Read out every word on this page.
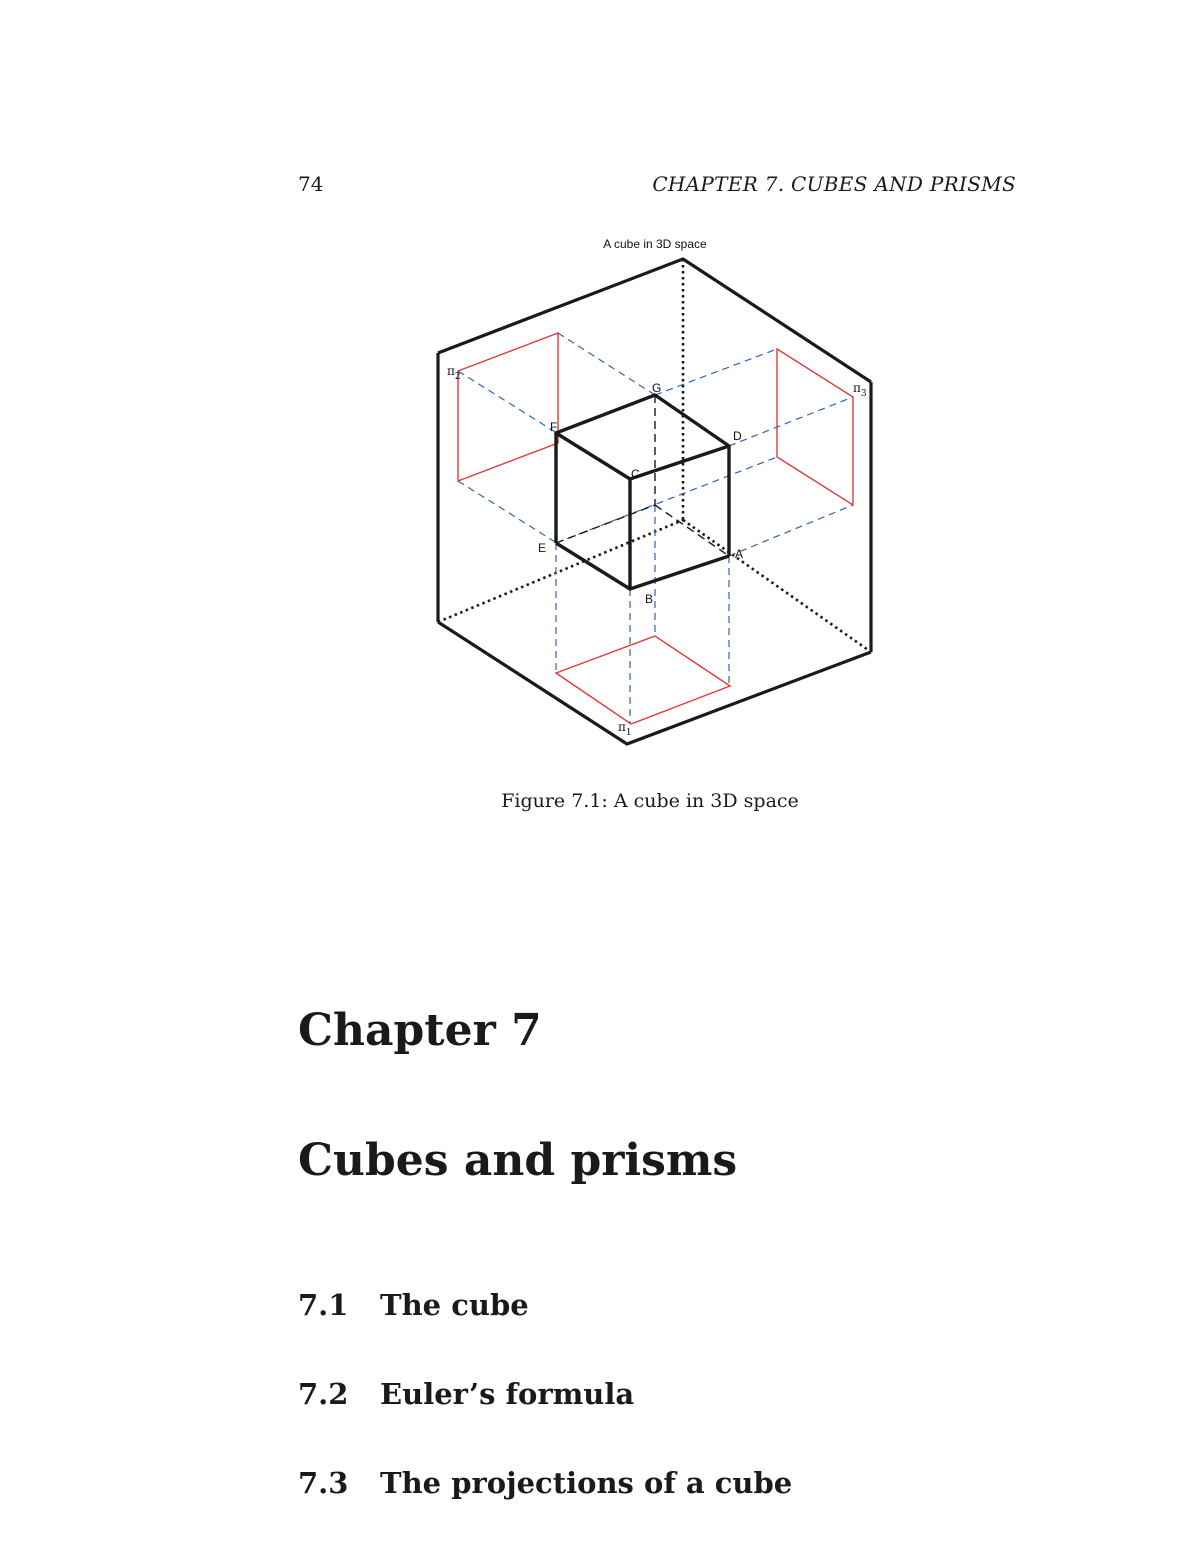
74	CHAPTER 7. CUBES AND PRISMS
A cube in 3D space
A
B
C
D
E
F
G
$\pi_2$
$\pi_3$
$\pi_1$
Figure 7.1: A cube in 3D space
Chapter 7
Cubes and prisms
7.1 The cube
7.2 Euler’s formula
7.3 The projections of a cube
